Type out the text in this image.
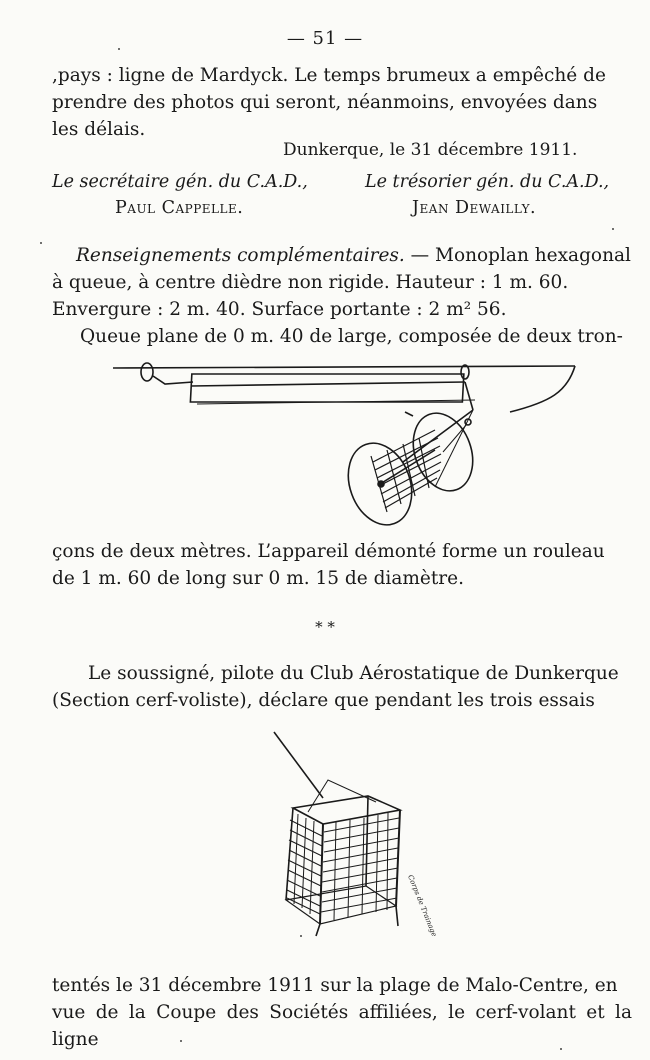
— 51 —

,pays : ligne de Mardyck. Le temps brumeux a empêché de

prendre des photos qui seront, néanmoins, envoyées dans

les délais.

Dunkerque, le 31 décembre 1911.
Le secrétaire gén. du C.A.D.,
Paul Cappelle.
Le trésorier gén. du C.A.D.,
Jean Dewailly.

Renseignements complémentaires. — Monoplan hexagonal

à queue, à centre dièdre non rigide. Hauteur : 1 m. 60.

Envergure : 2 m. 40. Surface portante : 2 m² 56.

Queue plane de 0 m. 40 de large, composée de deux tron-

çons de deux mètres. L’appareil démonté forme un rouleau

de 1 m. 60 de long sur 0 m. 15 de diamètre.

* *

Le soussigné, pilote du Club Aérostatique de Dunkerque

(Section cerf-voliste), déclare que pendant les trois essais

Corps de Trainage

tentés le 31 décembre 1911 sur la plage de Malo-Centre, en

vue de la Coupe des Sociétés affiliées, le cerf-volant et la ligne
